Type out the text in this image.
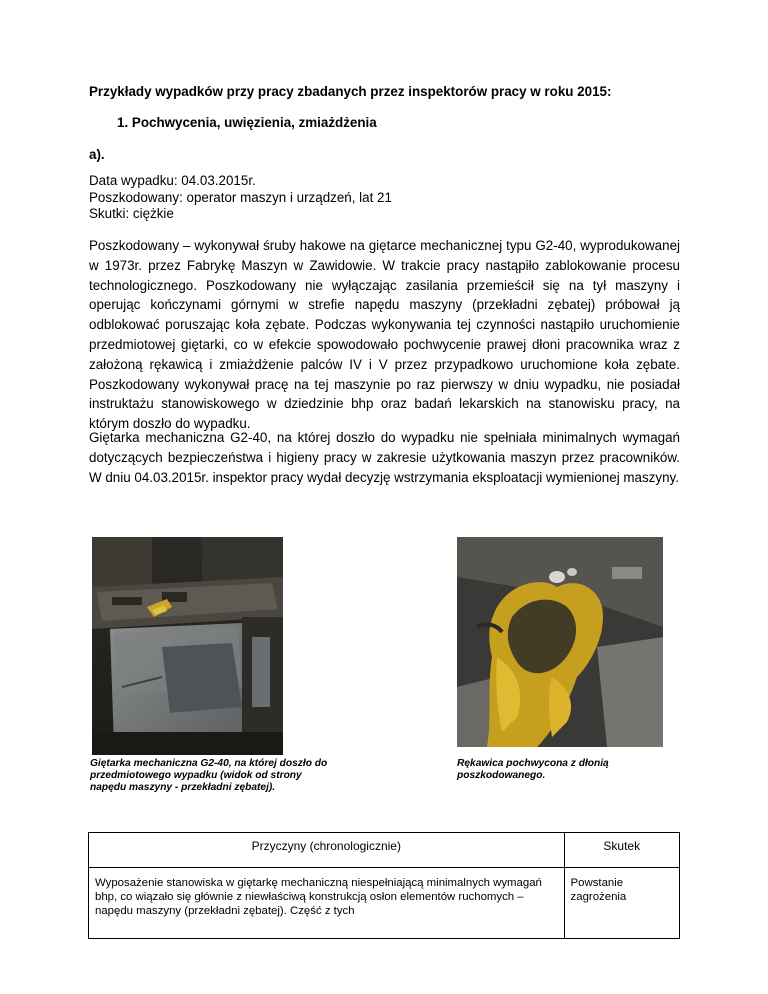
Przykłady wypadków przy pracy zbadanych przez inspektorów pracy w roku 2015:
1. Pochwycenia, uwięzienia, zmiażdżenia
a).
Data wypadku: 04.03.2015r.
Poszkodowany: operator maszyn i urządzeń, lat 21
Skutki: ciężkie
Poszkodowany – wykonywał śruby hakowe na giętarce mechanicznej typu G2-40, wyprodukowanej w 1973r. przez Fabrykę Maszyn w Zawidowie. W trakcie pracy nastąpiło zablokowanie procesu technologicznego. Poszkodowany nie wyłączając zasilania przemieścił się na tył maszyny i operując kończynami górnymi w strefie napędu maszyny (przekładni zębatej) próbował ją odblokować poruszając koła zębate. Podczas wykonywania tej czynności nastąpiło uruchomienie przedmiotowej giętarki, co w efekcie spowodowało pochwycenie prawej dłoni pracownika wraz z założoną rękawicą i zmiażdżenie palców IV i V przez przypadkowo uruchomione koła zębate. Poszkodowany wykonywał pracę na tej maszynie po raz pierwszy w dniu wypadku, nie posiadał instruktażu stanowiskowego w dziedzinie bhp oraz badań lekarskich na stanowisku pracy, na którym doszło do wypadku.
Giętarka mechaniczna G2-40, na której doszło do wypadku nie spełniała minimalnych wymagań dotyczących bezpieczeństwa i higieny pracy w zakresie użytkowania maszyn przez pracowników. W dniu 04.03.2015r. inspektor pracy wydał decyzję wstrzymania eksploatacji wymienionej maszyny.
Giętarka mechaniczna G2-40, na której doszło do przedmiotowego wypadku (widok od strony napędu maszyny - przekładni zębatej).
Rękawica pochwycona z dłonią poszkodowanego.
Przyczyny (chronologicznie)	Skutek
Wyposażenie stanowiska w giętarkę mechaniczną niespełniającą minimalnych wymagań bhp, co wiązało się głównie z niewłaściwą konstrukcją osłon elementów ruchomych – napędu maszyny (przekładni zębatej). Część z tych	Powstanie zagrożenia
